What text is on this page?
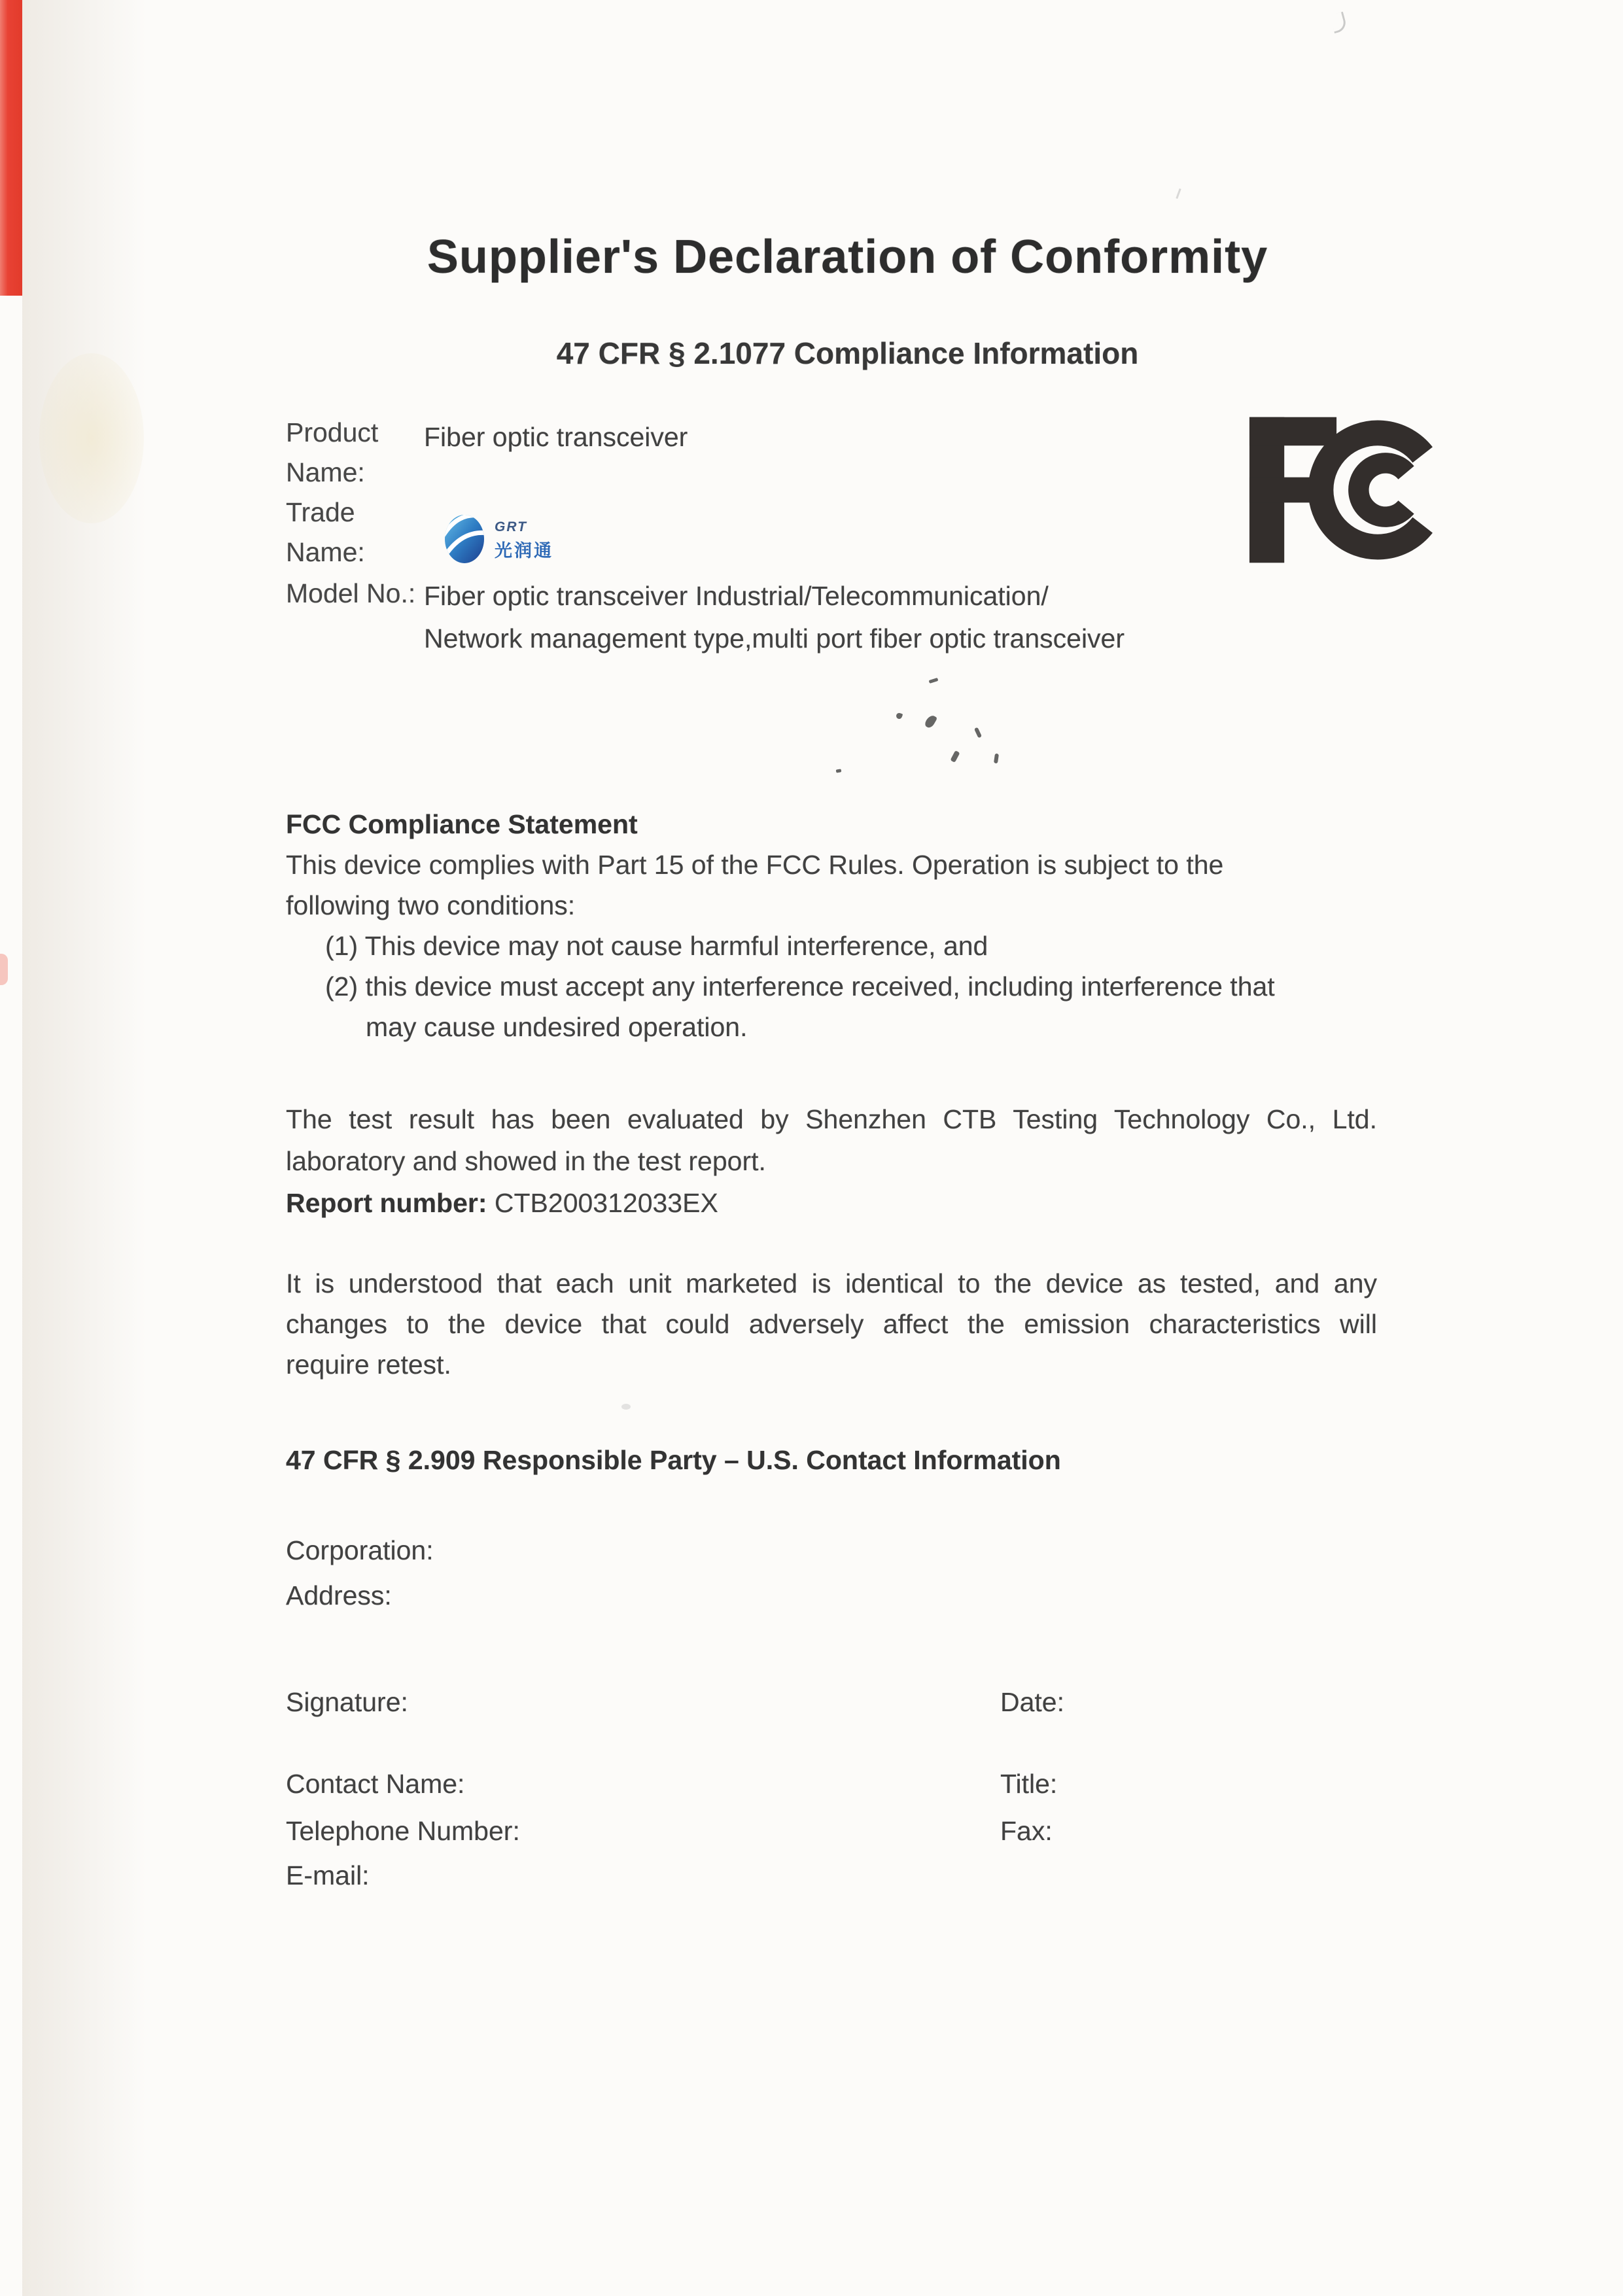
Supplier's Declaration of Conformity
47 CFR § 2.1077 Compliance Information
Product Name:
Fiber optic transceiver
Trade Name:
GRT
光润通
Model No.: Fiber optic transceiver Industrial/Telecommunication/
Network management type,multi port fiber optic transceiver
FCC Compliance Statement
This device complies with Part 15 of the FCC Rules. Operation is subject to the
following two conditions:
(1) This device may not cause harmful interference, and
(2) this device must accept any interference received, including interference that
may cause undesired operation.
The test result has been evaluated by Shenzhen CTB Testing Technology Co., Ltd.
laboratory and showed in the test report.
Report number: CTB200312033EX
It is understood that each unit marketed is identical to the device as tested, and any
changes to the device that could adversely affect the emission characteristics will
require retest.
47 CFR § 2.909 Responsible Party – U.S. Contact Information
Corporation:
Address:
Signature:	Date:
Contact Name:	Title:
Telephone Number:	Fax:
E-mail:
